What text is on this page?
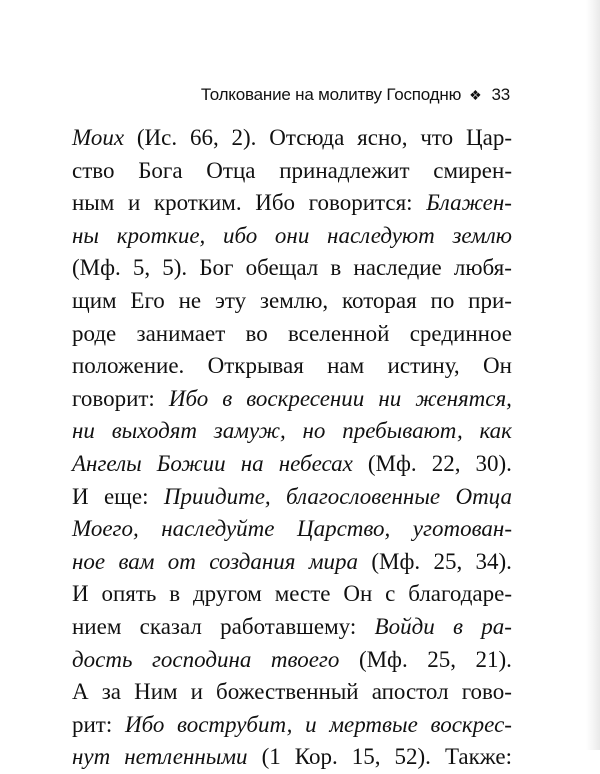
Толкование на молитву Господню ❖ 33
Моих (Ис. 66, 2). Отсюда ясно, что Цар-
ство Бога Отца принадлежит смирен-
ным и кротким. Ибо говорится: Блажен-
ны кроткие, ибо они наследуют землю
(Мф. 5, 5). Бог обещал в наследие любя-
щим Его не эту землю, которая по при-
роде занимает во вселенной срединное
положение. Открывая нам истину, Он
говорит: Ибо в воскресении ни женятся,
ни выходят замуж, но пребывают, как
Ангелы Божии на небесах (Мф. 22, 30).
И еще: Приидите, благословенные Отца
Моего, наследуйте Царство, уготован-
ное вам от создания мира (Мф. 25, 34).
И опять в другом месте Он с благодаре-
нием сказал работавшему: Войди в ра-
дость господина твоего (Мф. 25, 21).
А за Ним и божественный апостол гово-
рит: Ибо вострубит, и мертвые воскрес-
нут нетленными (1 Кор. 15, 52). Также:
